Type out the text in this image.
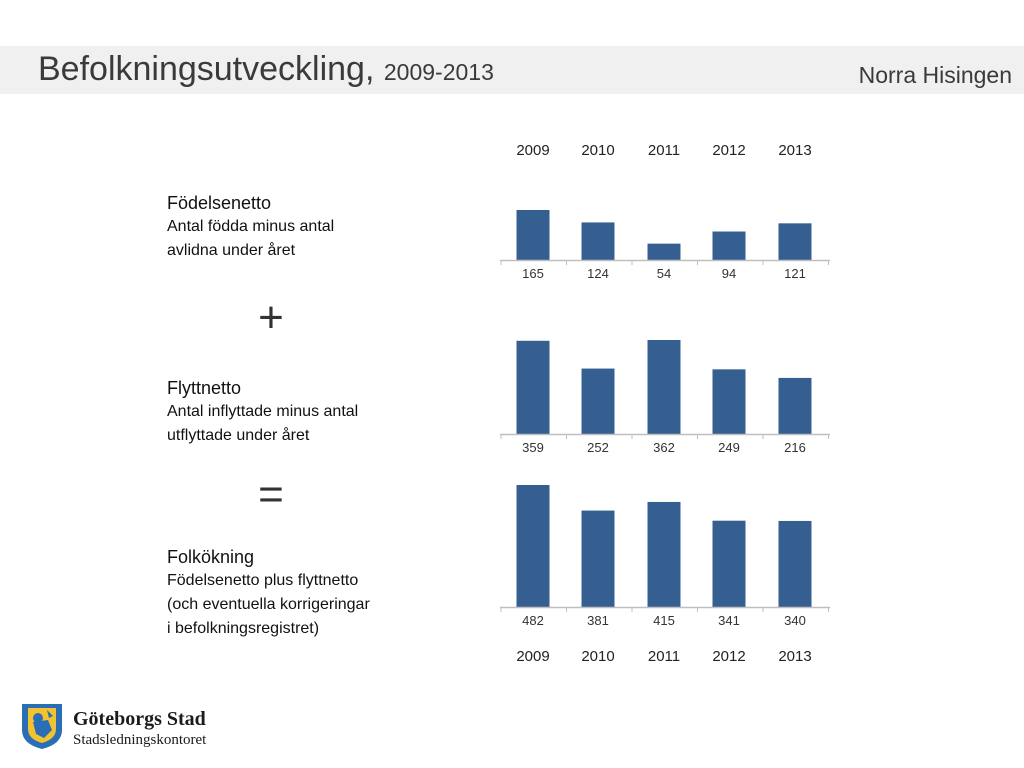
Befolkningsutveckling, 2009-2013	Norra Hisingen
2009	2010	2011	2012	2013
Födelsenetto
Antal födda minus antal
avlidna under året
+
Flyttnetto
Antal inflyttade minus antal
utflyttade under året
=
Folkökning
Födelsenetto plus flyttnetto
(och eventuella korrigeringar
i befolkningsregistret)
165	124	54	94	121
359	252	362	249	216
482	381	415	341	340
2009	2010	2011	2012	2013
Göteborgs Stad
Stadsledningskontoret
